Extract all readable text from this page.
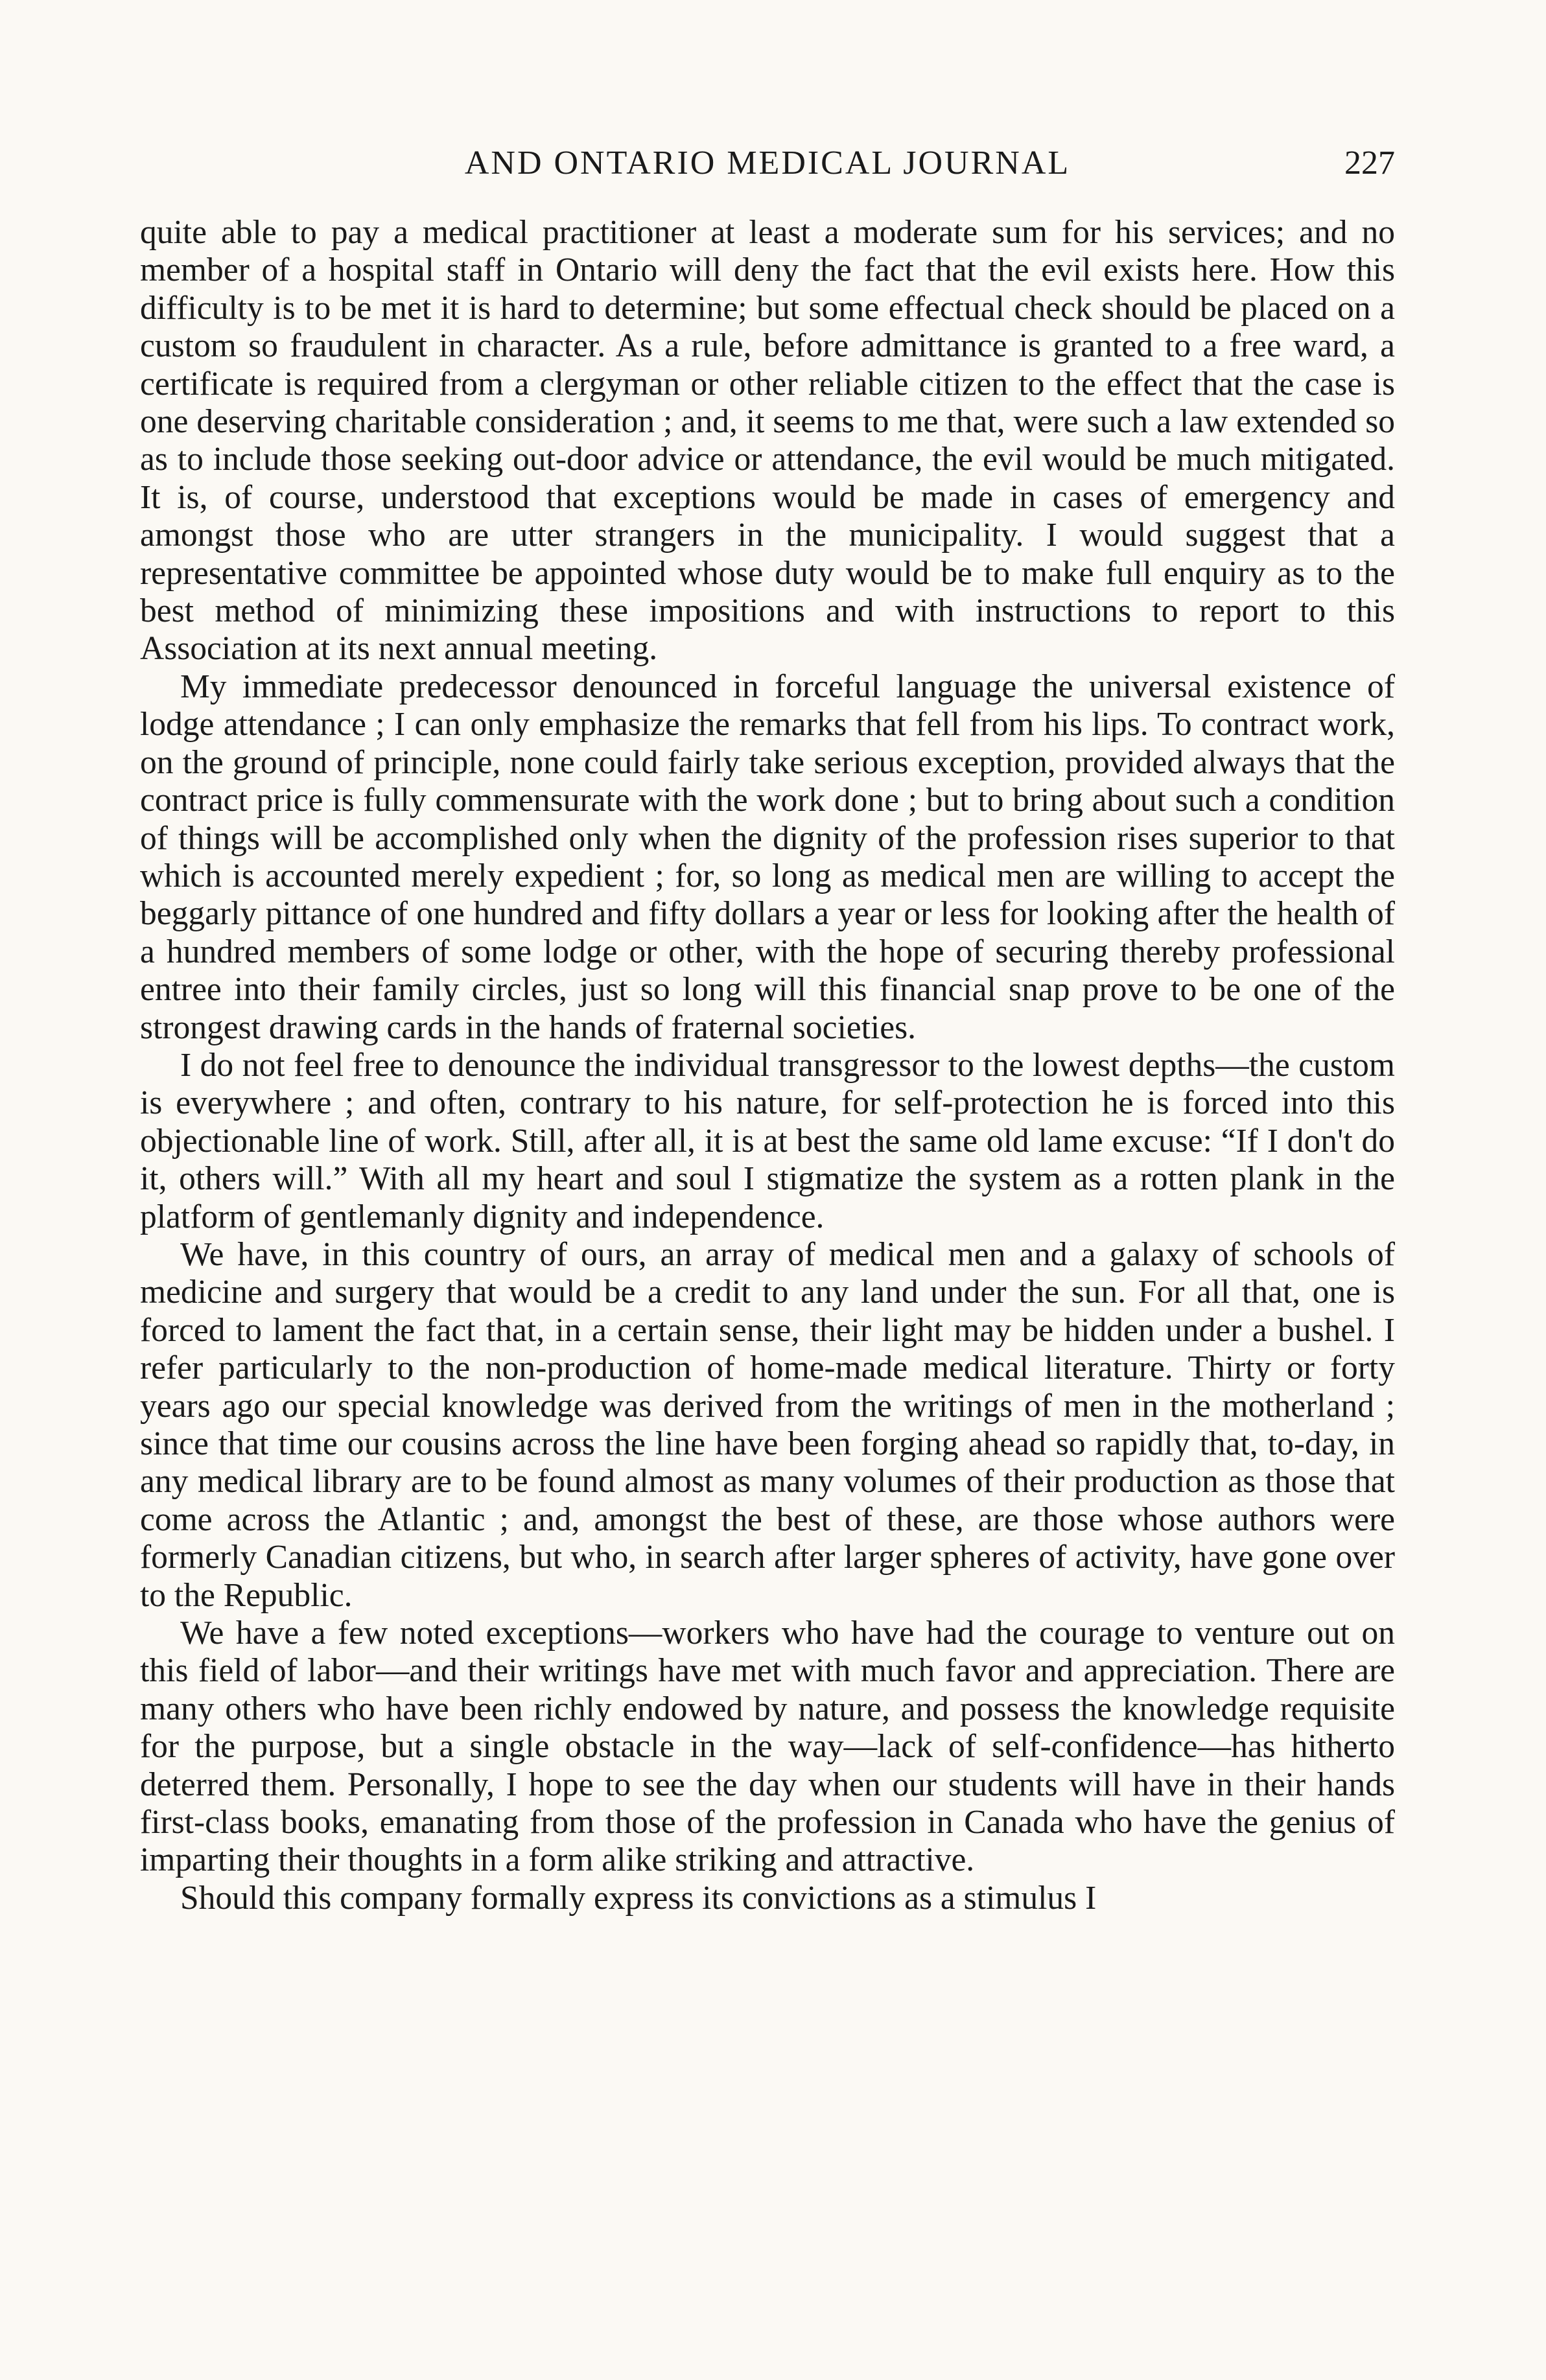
AND ONTARIO MEDICAL JOURNAL	227

quite able to pay a medical practitioner at least a moderate sum for his services; and no member of a hospital staff in Ontario will deny the fact that the evil exists here. How this difficulty is to be met it is hard to determine; but some effectual check should be placed on a custom so fraudulent in character. As a rule, before admittance is granted to a free ward, a certificate is required from a clergyman or other reliable citizen to the effect that the case is one deserving charitable consideration ; and, it seems to me that, were such a law extended so as to include those seeking out-door advice or attendance, the evil would be much mitigated. It is, of course, understood that exceptions would be made in cases of emergency and amongst those who are utter strangers in the municipality. I would suggest that a representative committee be appointed whose duty would be to make full enquiry as to the best method of minimizing these impositions and with instructions to report to this Association at its next annual meeting.

My immediate predecessor denounced in forceful language the universal existence of lodge attendance ; I can only emphasize the remarks that fell from his lips. To contract work, on the ground of principle, none could fairly take serious exception, provided always that the contract price is fully commensurate with the work done ; but to bring about such a condition of things will be accomplished only when the dignity of the profession rises superior to that which is accounted merely expedient ; for, so long as medical men are willing to accept the beggarly pittance of one hundred and fifty dollars a year or less for looking after the health of a hundred members of some lodge or other, with the hope of securing thereby professional entree into their family circles, just so long will this financial snap prove to be one of the strongest drawing cards in the hands of fraternal societies.

I do not feel free to denounce the individual transgressor to the lowest depths—the custom is everywhere ; and often, contrary to his nature, for self-protection he is forced into this objectionable line of work. Still, after all, it is at best the same old lame excuse: “If I don't do it, others will.” With all my heart and soul I stigmatize the system as a rotten plank in the platform of gentlemanly dignity and independence.

We have, in this country of ours, an array of medical men and a galaxy of schools of medicine and surgery that would be a credit to any land under the sun. For all that, one is forced to lament the fact that, in a certain sense, their light may be hidden under a bushel. I refer particularly to the non-production of home-made medical literature. Thirty or forty years ago our special knowledge was derived from the writings of men in the motherland ; since that time our cousins across the line have been forging ahead so rapidly that, to-day, in any medical library are to be found almost as many volumes of their production as those that come across the Atlantic ; and, amongst the best of these, are those whose authors were formerly Canadian citizens, but who, in search after larger spheres of activity, have gone over to the Republic.

We have a few noted exceptions—workers who have had the courage to venture out on this field of labor—and their writings have met with much favor and appreciation. There are many others who have been richly endowed by nature, and possess the knowledge requisite for the purpose, but a single obstacle in the way—lack of self-confidence—has hitherto deterred them. Personally, I hope to see the day when our students will have in their hands first-class books, emanating from those of the profession in Canada who have the genius of imparting their thoughts in a form alike striking and attractive.

Should this company formally express its convictions as a stimulus I
